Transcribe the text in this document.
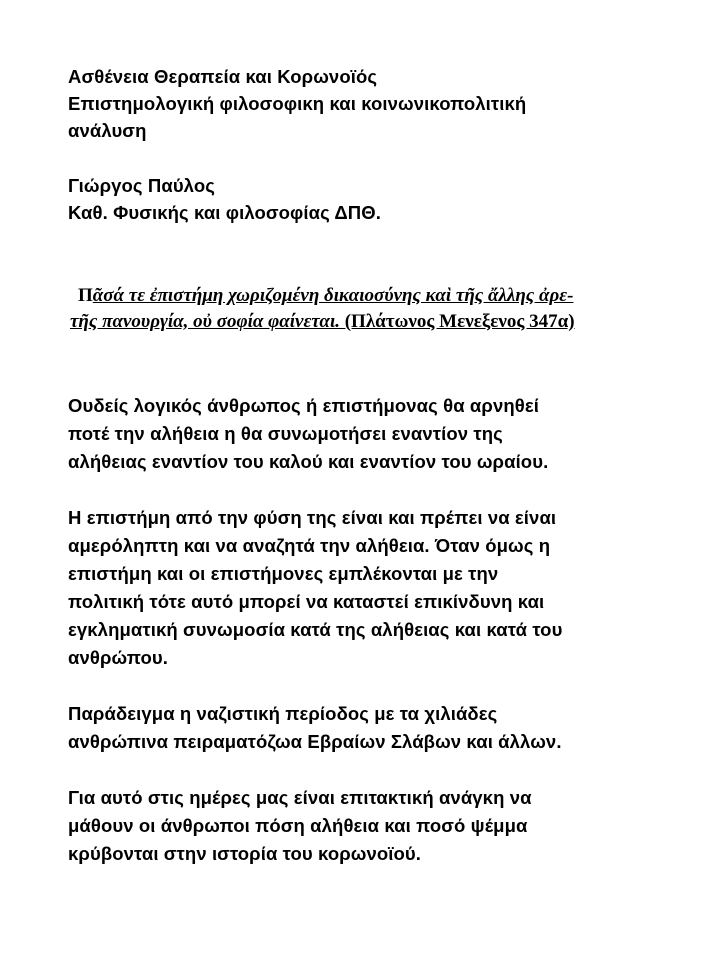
Ασθένεια Θεραπεία και Κορωνοϊός
Επιστημολογική φιλοσοφικη και κοινωνικοπολιτική
ανάλυση
Γιώργος Παύλος
Καθ. Φυσικής και φιλοσοφίας ΔΠΘ.
Πᾶσά τε ἐπιστήμη χωριζομένη δικαιοσύνης καὶ τῆς ἄλλης ἀρε-
τῆς πανουργία, οὐ σοφία φαίνεται. (Πλάτωνος Μενεξενος 347α)
Ουδείς λογικός άνθρωπος ή επιστήμονας θα αρνηθεί
ποτέ την αλήθεια η θα συνωμοτήσει εναντίον της
αλήθειας εναντίον του καλού και εναντίον του ωραίου.
Η επιστήμη από την φύση της είναι και πρέπει να είναι
αμερόληπτη και να αναζητά την αλήθεια. Όταν όμως η
επιστήμη και οι επιστήμονες εμπλέκονται με την
πολιτική τότε αυτό μπορεί να καταστεί επικίνδυνη και
εγκληματική συνωμοσία κατά της αλήθειας και κατά του
ανθρώπου.
Παράδειγμα η ναζιστική περίοδος με τα χιλιάδες
ανθρώπινα πειραματόζωα Εβραίων Σλάβων και άλλων.
Για αυτό στις ημέρες μας είναι επιτακτική ανάγκη να
μάθουν οι άνθρωποι πόση αλήθεια και ποσό ψέμμα
κρύβονται στην ιστορία του κορωνοϊού.
